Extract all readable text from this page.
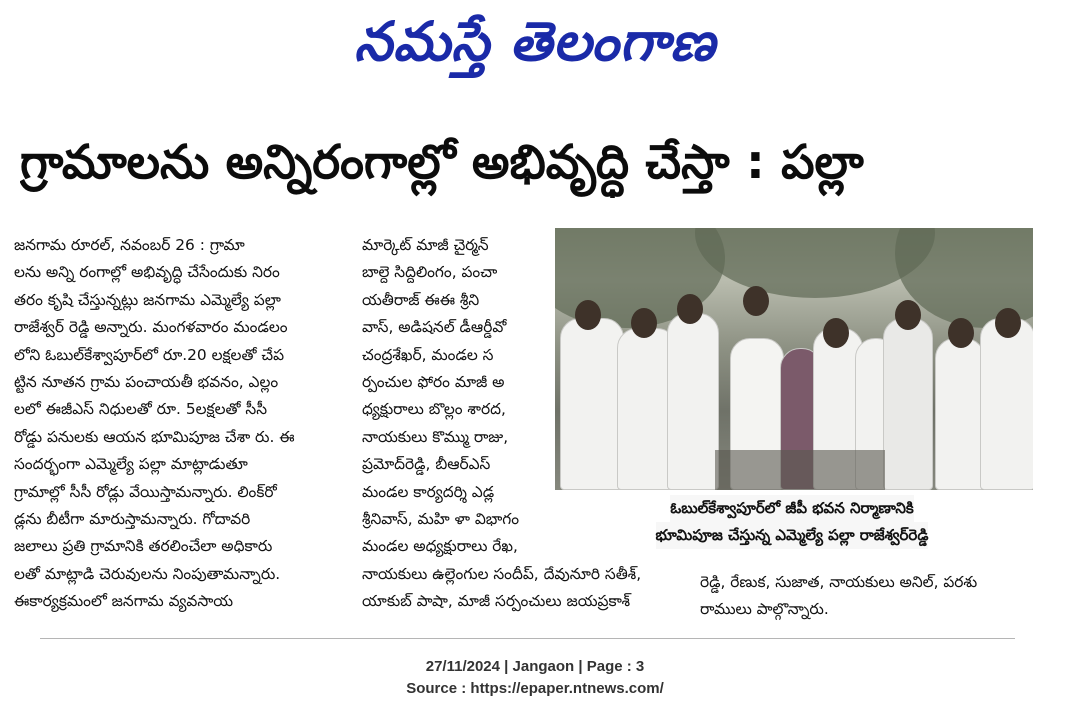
నమస్తే తెలంగాణ
గ్రామాలను అన్నిరంగాల్లో అభివృద్ధి చేస్తా : పల్లా

జనగామ రూరల్, నవంబర్ 26 : గ్రామా

లను అన్ని రంగాల్లో అభివృద్ధి చేసేందుకు నిరం

తరం కృషి చేస్తున్నట్లు జనగామ ఎమ్మెల్యే పల్లా

రాజేశ్వర్ రెడ్డి అన్నారు. మంగళవారం మండలం

లోని ఓబుల్‌కేశ్వాపూర్‌లో రూ.20 లక్షలతో చేప

ట్టిన నూతన గ్రామ పంచాయతీ భవనం, ఎల్లం

లలో ఈజీఎస్ నిధులతో రూ. 5లక్షలతో సీసీ

రోడ్డు పనులకు ఆయన భూమిపూజ చేశా రు. ఈ

సందర్భంగా ఎమ్మెల్యే పల్లా మాట్లాడుతూ

గ్రామాల్లో సీసీ రోడ్లు వేయిస్తామన్నారు. లింక్‌రో

డ్లను బీటీగా మారుస్తామన్నారు. గోదావరి

జలాలు ప్రతి గ్రామానికి తరలించేలా అధికారు

లతో మాట్లాడి చెరువులను నింపుతామన్నారు.

ఈకార్యక్రమంలో జనగామ వ్యవసాయ

మార్కెట్ మాజీ చైర్మన్

బాల్దె సిద్దిలింగం, పంచా

యతీరాజ్ ఈఈ శ్రీని

వాస్, అడిషనల్ డీఆర్డీవో

చంద్రశేఖర్, మండల స

ర్పంచుల ఫోరం మాజీ అ

ధ్యక్షురాలు బొల్లం శారద,

నాయకులు కొమ్ము రాజు,

ప్రమోద్‌రెడ్డి, బీఆర్ఎస్

మండల కార్యదర్శి ఎడ్ల

శ్రీనివాస్, మహి ళా విభాగం

మండల అధ్యక్షురాలు రేఖ,

నాయకులు ఉల్లెంగుల సందీప్, దేవునూరి సతీశ్,

యాకుబ్ పాషా, మాజీ సర్పంచులు జయప్రకాశ్

రెడ్డి, రేణుక, సుజాత, నాయకులు అనిల్, పరశు

రాములు పాల్గొన్నారు.

ఓబుల్‌కేశ్వాపూర్‌లో జీపీ భవన నిర్మాణానికి
భూమిపూజ చేస్తున్న ఎమ్మెల్యే పల్లా రాజేశ్వర్‌రెడ్డి
27/11/2024 | Jangaon | Page : 3
Source : https://epaper.ntnews.com/
